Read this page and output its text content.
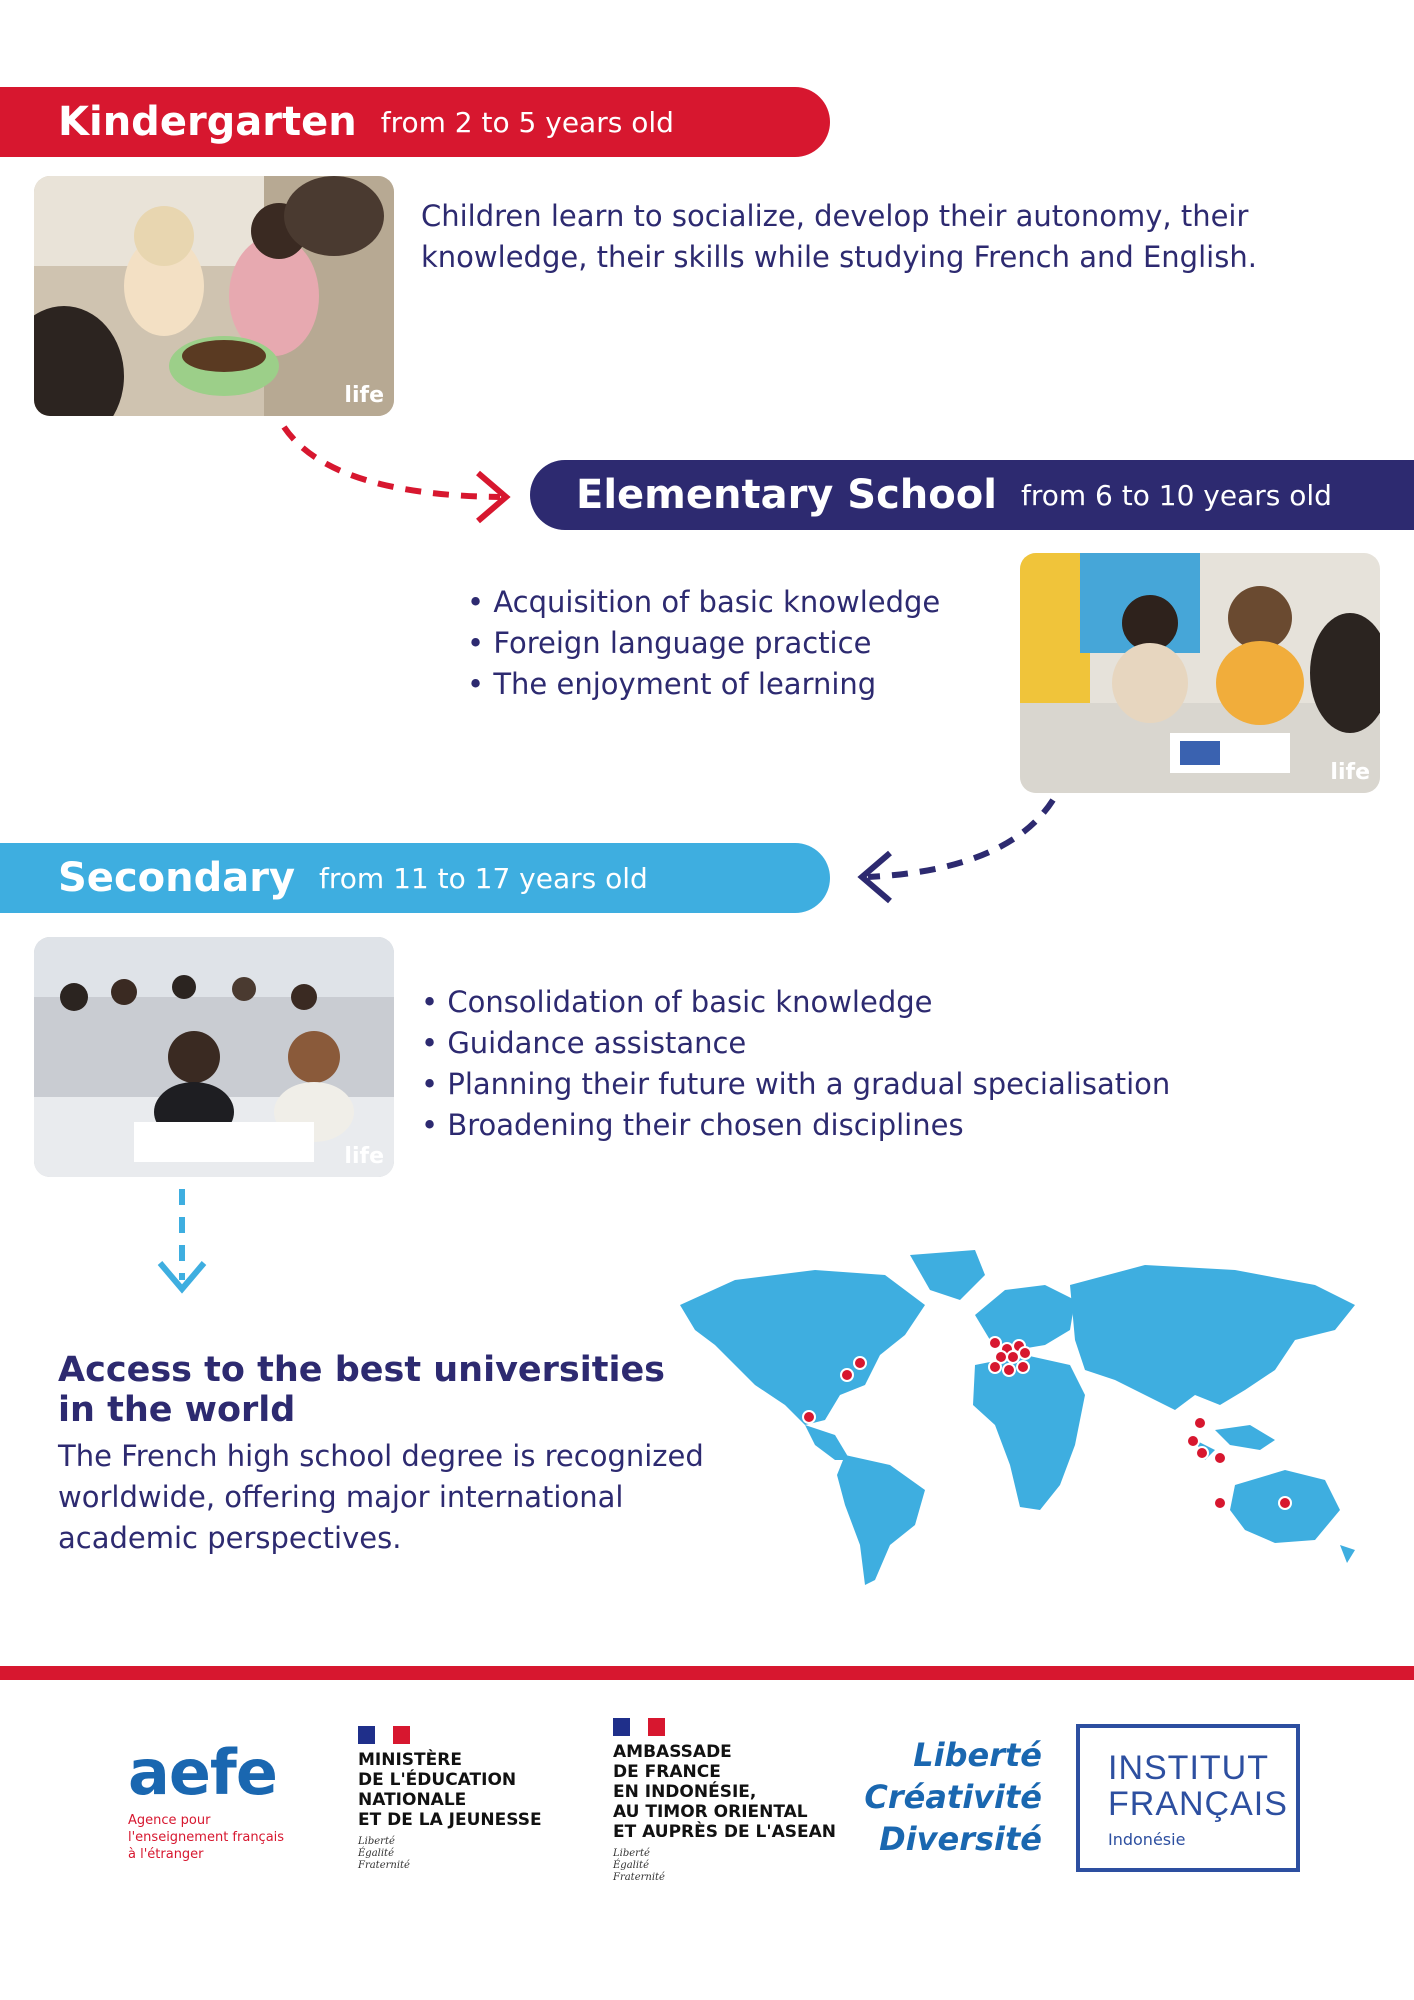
Kindergarten from 2 to 5 years old
life
Children learn to socialize, develop their autonomy, their
knowledge, their skills while studying French and English.
Elementary School from 6 to 10 years old
• Acquisition of basic knowledge
• Foreign language practice
• The enjoyment of learning
life
Secondary from 11 to 17 years old
life
• Consolidation of basic knowledge
• Guidance assistance
• Planning their future with a gradual specialisation
• Broadening their chosen disciplines
Access to the best universities
in the world
The French high school degree is recognized
worldwide, offering major international
academic perspectives.
aefe
Agence pour
l'enseignement français
à l'étranger
MINISTÈRE
DE L'ÉDUCATION
NATIONALE
ET DE LA JEUNESSE
Liberté
Égalité
Fraternité
AMBASSADE
DE FRANCE
EN INDONÉSIE,
AU TIMOR ORIENTAL
ET AUPRÈS DE L'ASEAN
Liberté
Égalité
Fraternité
Liberté
Créativité
Diversité
INSTITUT
FRANÇAIS
Indonésie
